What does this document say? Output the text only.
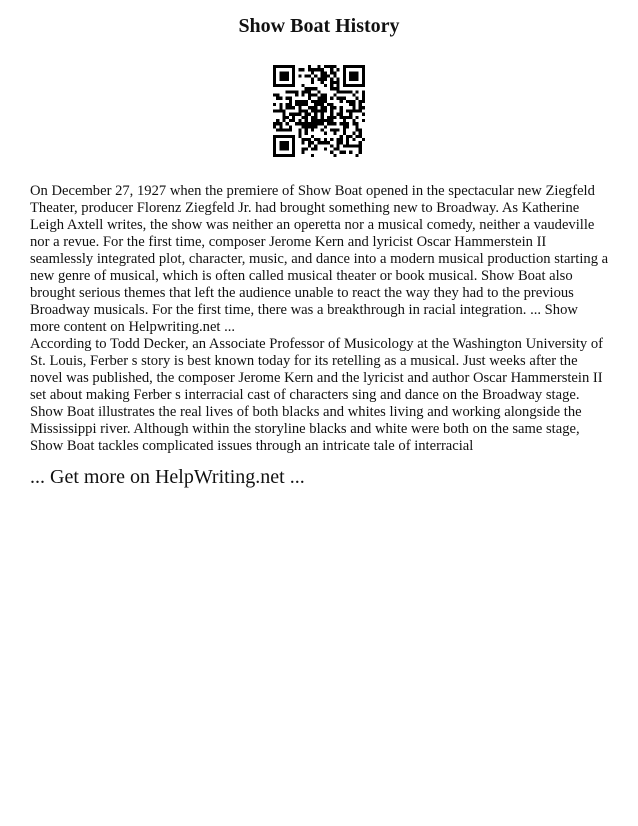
Show Boat History

On December 27, 1927 when the premiere of Show Boat opened in the spectacular new Ziegfeld Theater, producer Florenz Ziegfeld Jr. had brought something new to Broadway. As Katherine Leigh Axtell writes, the show was neither an operetta nor a musical comedy, neither a vaudeville nor a revue. For the first time, composer Jerome Kern and lyricist Oscar Hammerstein II seamlessly integrated plot, character, music, and dance into a modern musical production starting a new genre of musical, which is often called musical theater or book musical. Show Boat also brought serious themes that left the audience unable to react the way they had to the previous Broadway musicals. For the first time, there was a breakthrough in racial integration. ... Show more content on Helpwriting.net ...

According to Todd Decker, an Associate Professor of Musicology at the Washington University of St. Louis, Ferber s story is best known today for its retelling as a musical. Just weeks after the novel was published, the composer Jerome Kern and the lyricist and author Oscar Hammerstein II set about making Ferber s interracial cast of characters sing and dance on the Broadway stage. Show Boat illustrates the real lives of both blacks and whites living and working alongside the Mississippi river. Although within the storyline blacks and white were both on the same stage, Show Boat tackles complicated issues through an intricate tale of interracial

... Get more on HelpWriting.net ...
